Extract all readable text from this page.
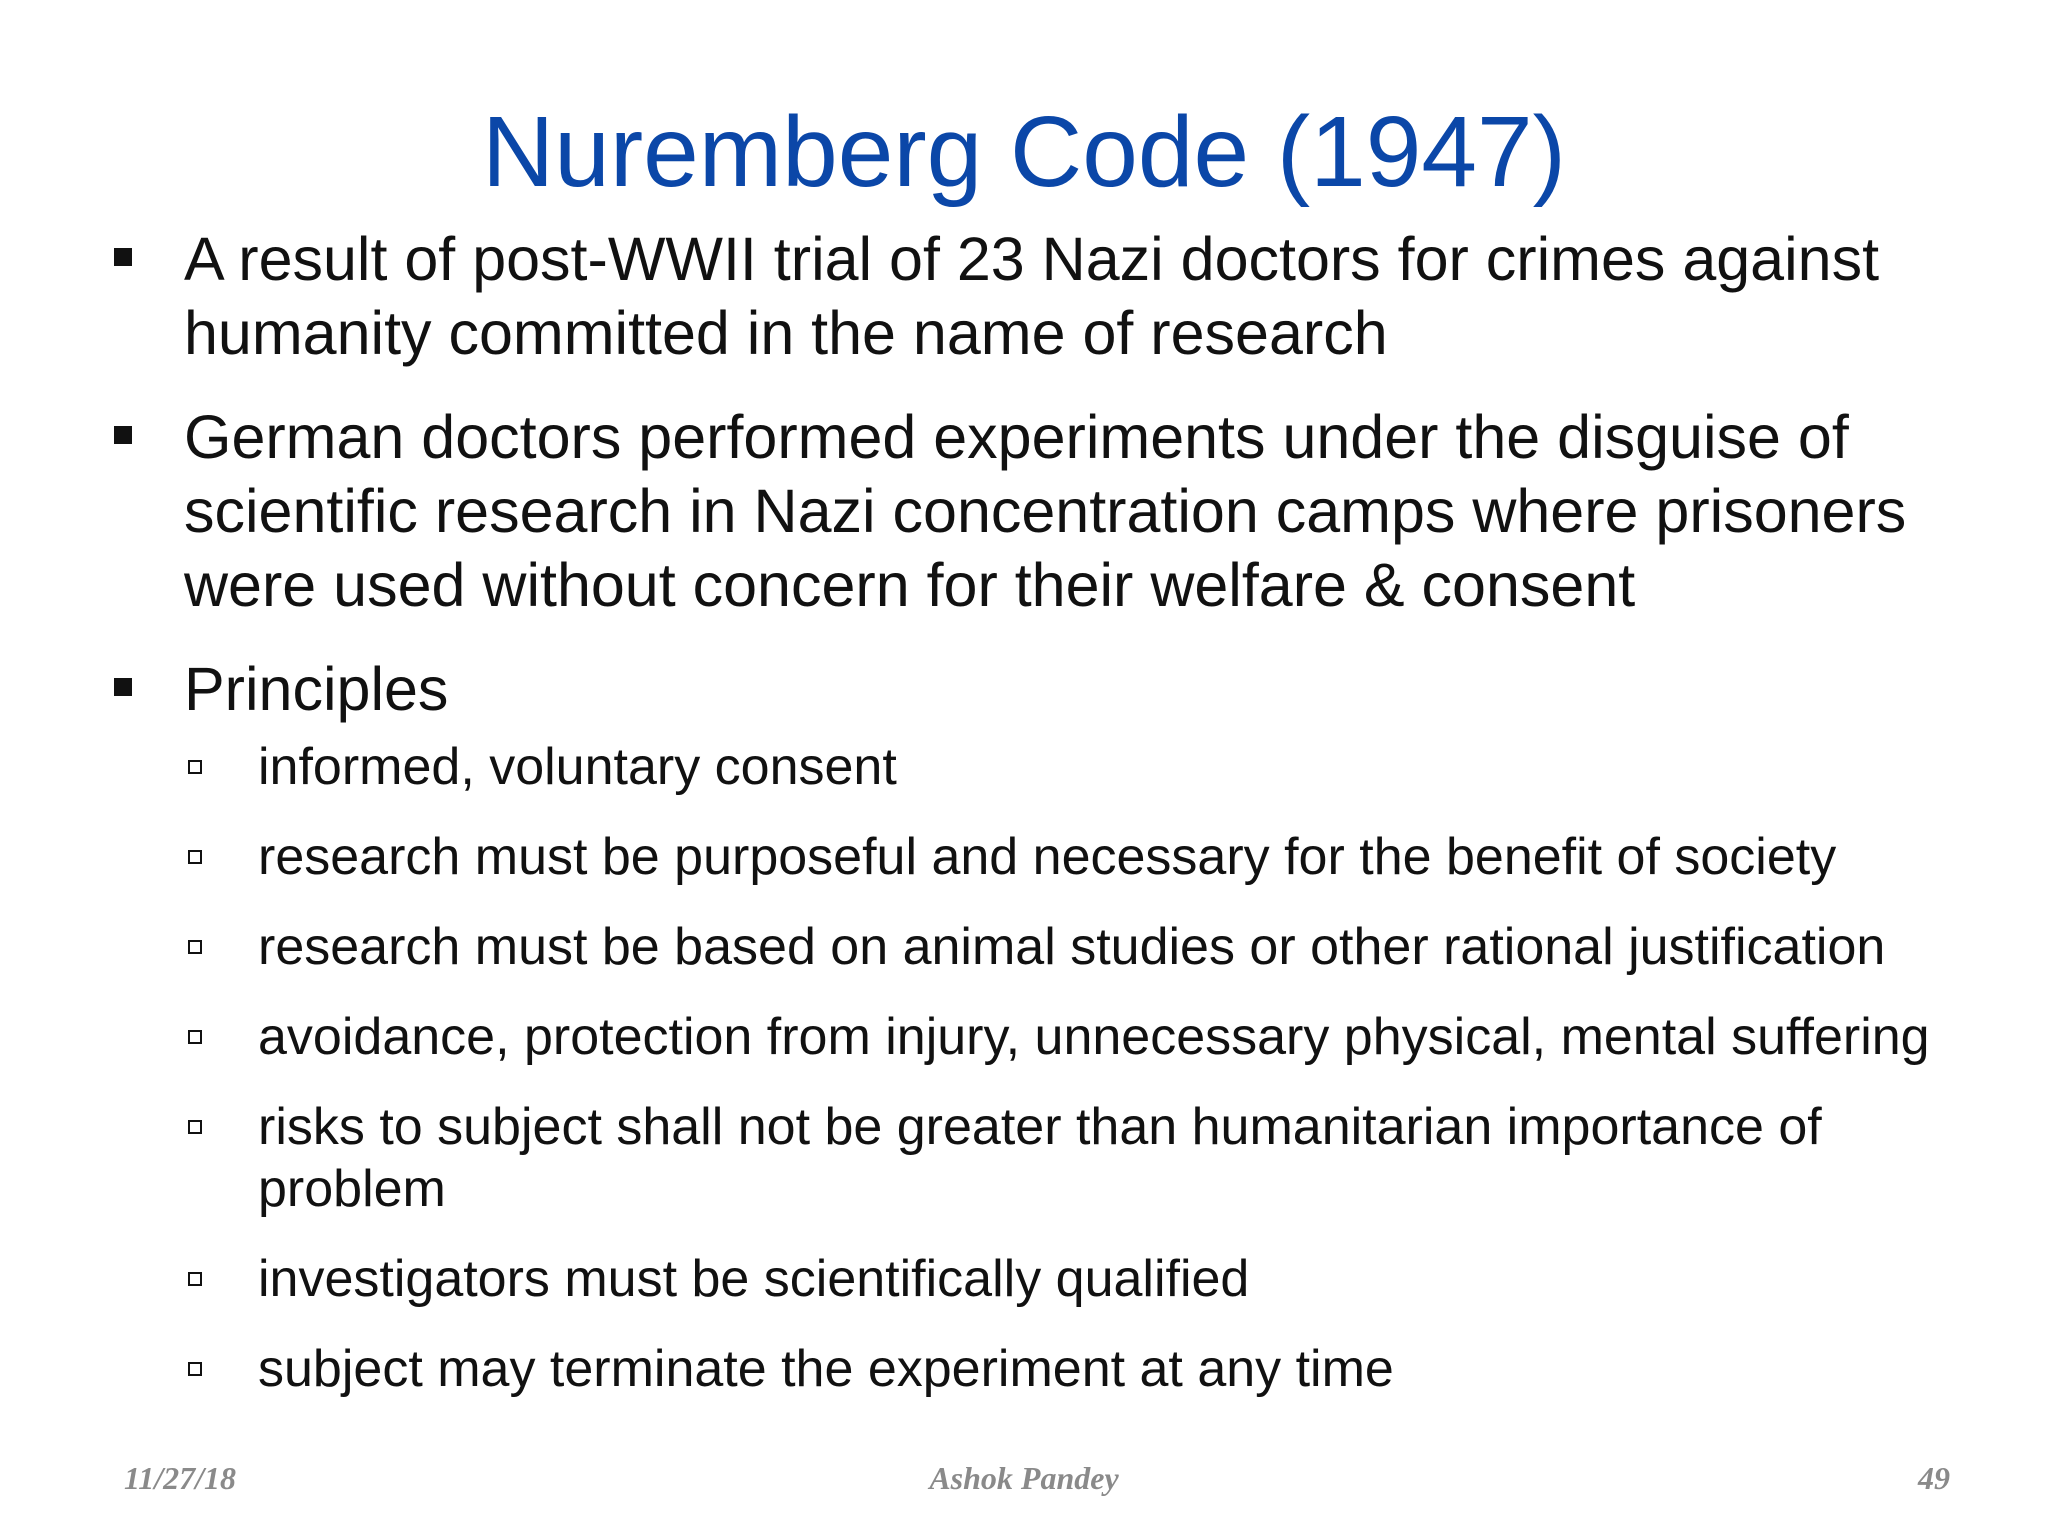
Nuremberg Code (1947)
A result of post-WWII trial of 23 Nazi doctors for crimes against humanity committed in the name of research
German doctors performed experiments under the disguise of scientific research in Nazi concentration camps where prisoners were used without concern for their welfare & consent
Principles
informed, voluntary consent
research must be purposeful and necessary for the benefit of society
research must be based on animal studies or other rational justification
avoidance, protection from injury, unnecessary physical, mental suffering
risks to subject shall not be greater than humanitarian importance of problem
investigators must be scientifically qualified
subject may terminate the experiment at any time
11/27/18	Ashok Pandey	49
